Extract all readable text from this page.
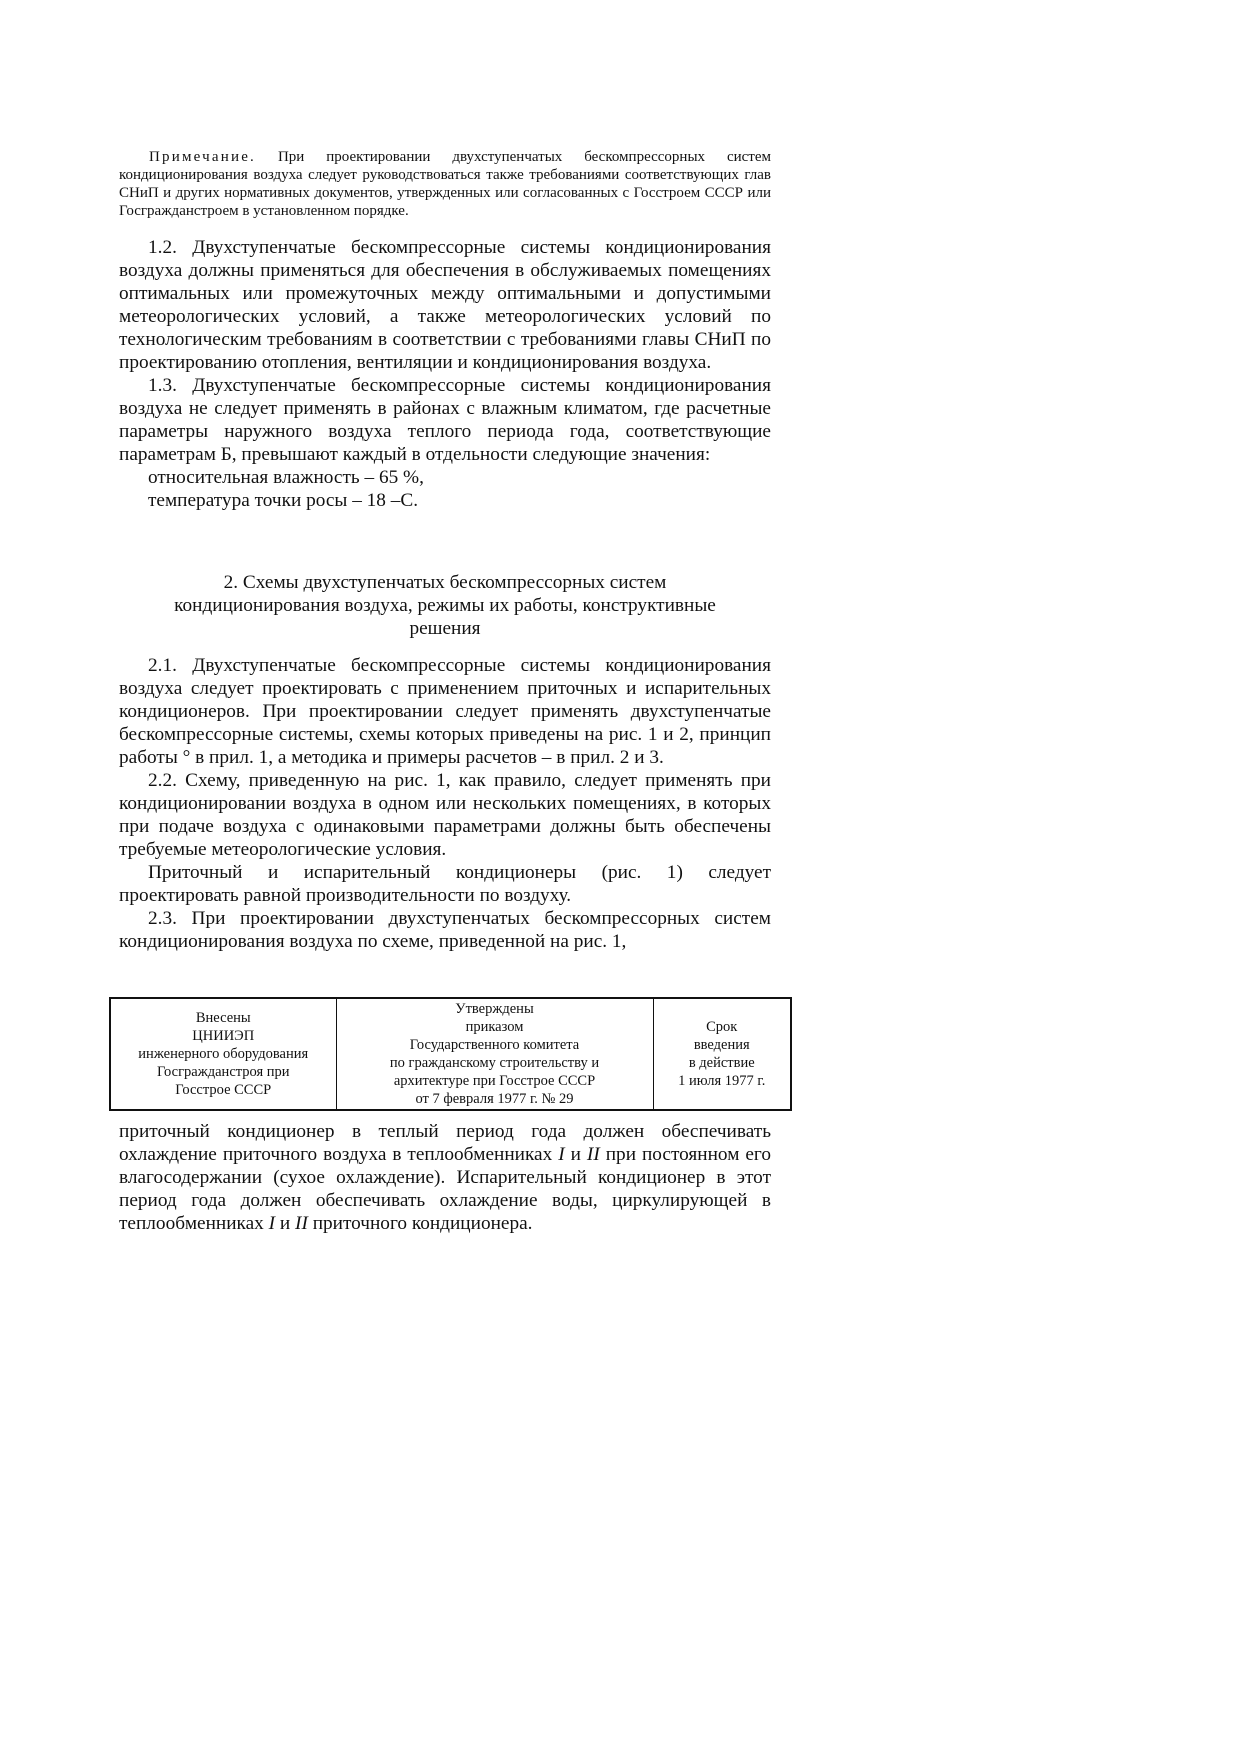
Примечание. При проектировании двухступенчатых бескомпрессорных систем кондиционирования воздуха следует руководствоваться также требованиями соответствующих глав СНиП и других нормативных документов, утвержденных или согласованных с Госстроем СССР или Госгражданстроем в установленном порядке.

1.2. Двухступенчатые бескомпрессорные системы кондиционирования воздуха должны применяться для обеспечения в обслуживаемых помещениях оптимальных или промежуточных между оптимальными и допустимыми метеорологических условий, а также метеорологических условий по технологическим требованиям в соответствии с требованиями главы СНиП по проектированию отопления, вентиляции и кондиционирования воздуха.

1.3. Двухступенчатые бескомпрессорные системы кондиционирования воздуха не следует применять в районах с влажным климатом, где расчетные параметры наружного воздуха теплого периода года, соответствующие параметрам Б, превышают каждый в отдельности следующие значения:

относительная влажность – 65 %,

температура точки росы – 18 –С.

2. Схемы двухступенчатых бескомпрессорных систем
кондиционирования воздуха, режимы их работы, конструктивные
решения

2.1. Двухступенчатые бескомпрессорные системы кондиционирования воздуха следует проектировать с применением приточных и испарительных кондиционеров. При проектировании следует применять двухступенчатые бескомпрессорные системы, схемы которых приведены на рис. 1 и 2, принцип работы ° в прил. 1, а методика и примеры расчетов – в прил. 2 и 3.

2.2. Схему, приведенную на рис. 1, как правило, следует применять при кондиционировании воздуха в одном или нескольких помещениях, в которых при подаче воздуха с одинаковыми параметрами должны быть обеспечены требуемые метеорологические условия.

Приточный и испарительный кондиционеры (рис. 1) следует проектировать равной производительности по воздуху.

2.3. При проектировании двухступенчатых бескомпрессорных систем кондиционирования воздуха по схеме, приведенной на рис. 1,

Внесены
ЦНИИЭП
инженерного оборудования
Госгражданстроя при
Госстрое СССР

Утверждены
приказом
Государственного комитета
по гражданскому строительству и
архитектуре при Госстрое СССР
от 7 февраля 1977 г. № 29

Срок
введения
в действие
1 июля 1977 г.

приточный кондиционер в теплый период года должен обеспечивать охлаждение приточного воздуха в теплообменниках I и II при постоянном его влагосодержании (сухое охлаждение). Испарительный кондиционер в этот период года должен обеспечивать охлаждение воды, циркулирующей в теплообменниках I и II приточного кондиционера.
